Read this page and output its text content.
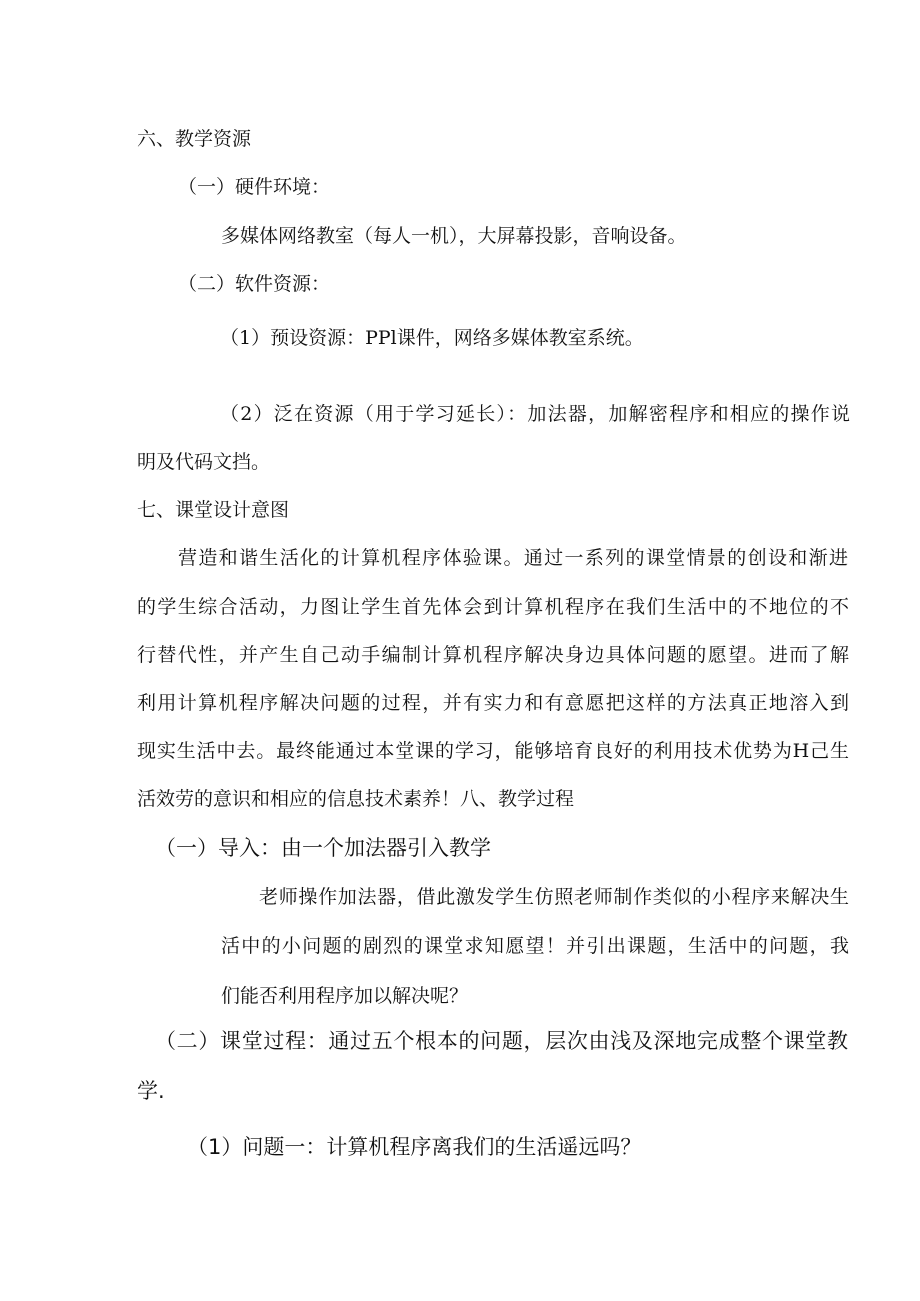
六、教学资源
（一）硬件环境：
多媒体网络教室（每人一机），大屏幕投影，音响设备。
（二）软件资源：
（1）预设资源：PPl课件，网络多媒体教室系统。
（2）泛在资源（用于学习延长）：加法器，加解密程序和相应的操作说
明及代码文挡。
七、课堂设计意图
营造和谐生活化的计算机程序体验课。通过一系列的课堂情景的创设和渐进
的学生综合活动，力图让学生首先体会到计算机程序在我们生活中的不地位的不
行替代性，并产生自己动手编制计算机程序解决身边具体问题的愿望。进而了解
利用计算机程序解决问题的过程，并有实力和有意愿把这样的方法真正地溶入到
现实生活中去。最终能通过本堂课的学习，能够培育良好的利用技术优势为H己生
活效劳的意识和相应的信息技术素养！八、教学过程
（一）导入：由一个加法器引入教学
老师操作加法器，借此激发学生仿照老师制作类似的小程序来解决生
活中的小问题的剧烈的课堂求知愿望！并引出课题，生活中的问题，我
们能否利用程序加以解决呢？
（二）课堂过程：通过五个根本的问题，层次由浅及深地完成整个课堂教
学.
（1）问题一：计算机程序离我们的生活遥远吗？
